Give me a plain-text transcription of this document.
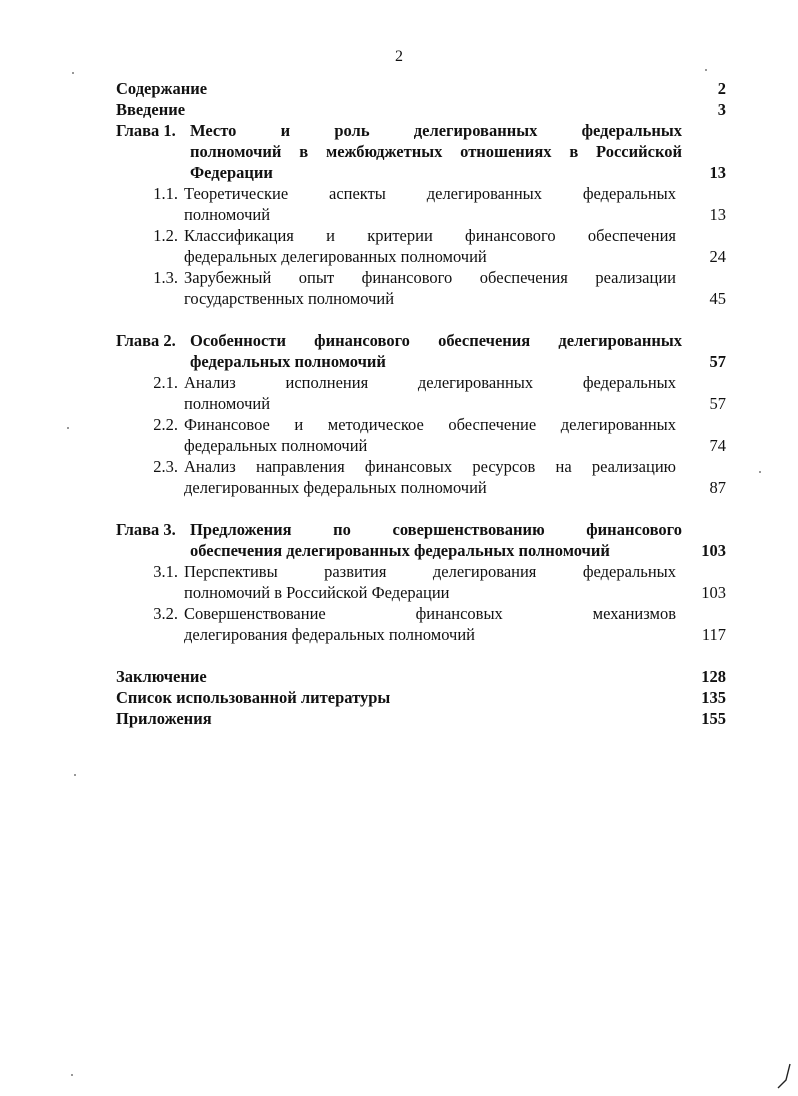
2
Содержание	2
Введение	3
Глава 1. Место и роль делегированных федеральных
полномочий в межбюджетных отношениях в Российской
Федерации	13
1.1. Теоретические аспекты делегированных федеральных
полномочий	13
1.2. Классификация и критерии финансового обеспечения
федеральных делегированных полномочий	24
1.3. Зарубежный опыт финансового обеспечения реализации
государственных полномочий	45
Глава 2. Особенности финансового обеспечения делегированных
федеральных полномочий	57
2.1. Анализ исполнения делегированных федеральных
полномочий	57
2.2. Финансовое и методическое обеспечение делегированных
федеральных полномочий	74
2.3. Анализ направления финансовых ресурсов на реализацию
делегированных федеральных полномочий	87
Глава 3. Предложения по совершенствованию финансового
обеспечения делегированных федеральных полномочий	103
3.1. Перспективы развития делегирования федеральных
полномочий в Российской Федерации	103
3.2. Совершенствование финансовых механизмов
делегирования федеральных полномочий	117
Заключение	128
Список использованной литературы	135
Приложения	155
